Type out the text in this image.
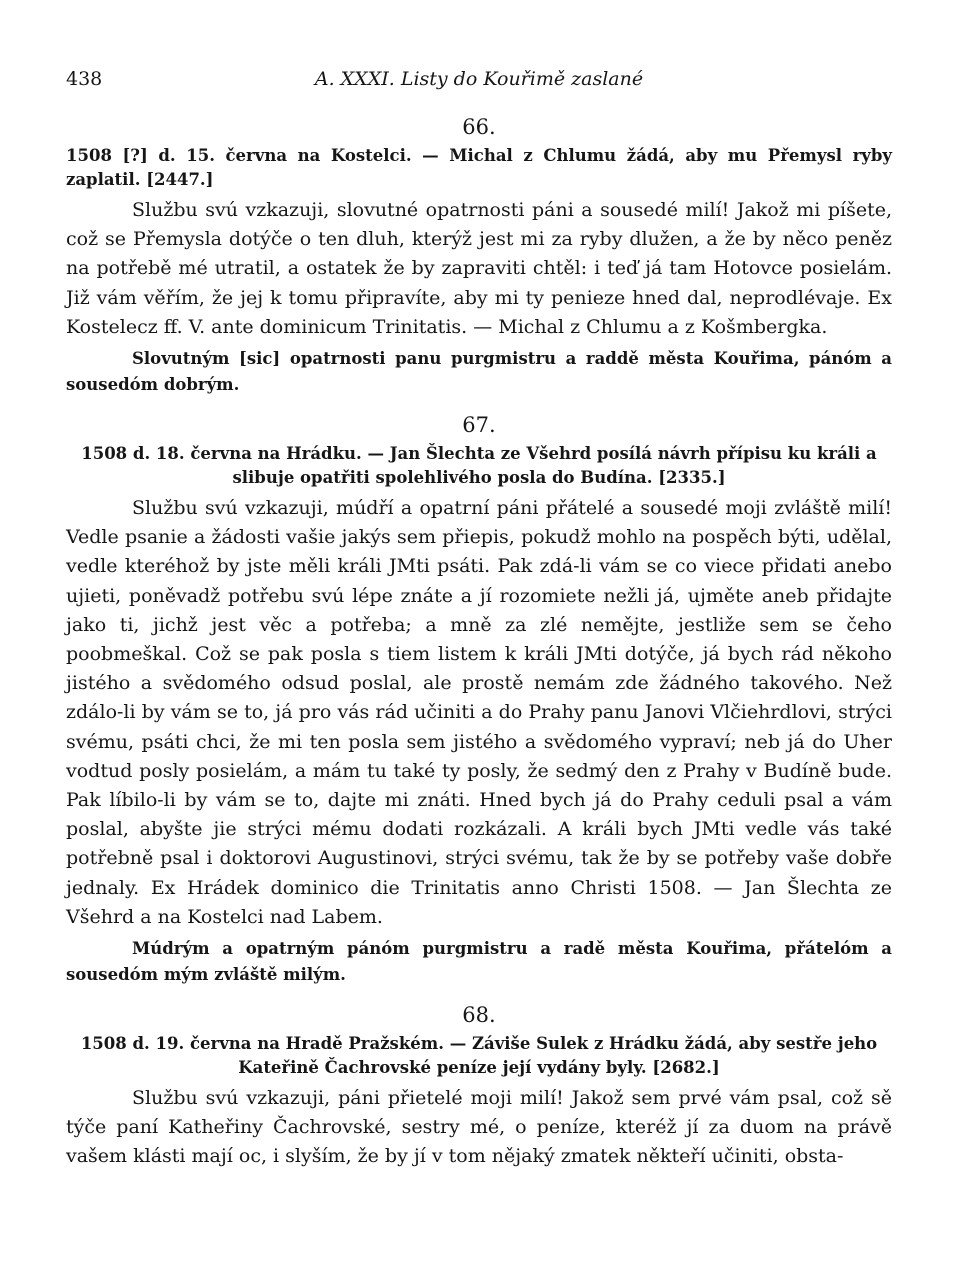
438	A. XXXI. Listy do Kouřimě zaslané
66.

1508 [?] d. 15. června na Kostelci. — Michal z Chlumu žádá, aby mu Přemysl ryby zaplatil. [2447.]

Službu svú vzkazuji, slovutné opatrnosti páni a sousedé milí! Jakož mi píšete, což se Přemysla dotýče o ten dluh, kterýž jest mi za ryby dlužen, a že by něco peněz na potřebě mé utratil, a ostatek že by zapraviti chtěl: i teď já tam Hotovce posielám. Již vám věřím, že jej k tomu připravíte, aby mi ty penieze hned dal, neprodlévaje. Ex Kostelecz ff. V. ante dominicum Trinitatis. — Michal z Chlumu a z Košmbergka.

Slovutným [sic] opatrnosti panu purgmistru a raddě města Kouřima, pánóm a sousedóm dobrým.

67.

1508 d. 18. června na Hrádku. — Jan Šlechta ze Všehrd posílá návrh přípisu ku králi a slibuje opatřiti spolehlivého posla do Budína. [2335.]

Službu svú vzkazuji, múdří a opatrní páni přátelé a sousedé moji zvláště milí! Vedle psanie a žádosti vašie jakýs sem přiepis, pokudž mohlo na pospěch býti, udělal, vedle kteréhož by jste měli králi JMti psáti. Pak zdá-li vám se co viece přidati anebo ujieti, poněvadž potřebu svú lépe znáte a jí rozomiete nežli já, ujměte aneb přidajte jako ti, jichž jest věc a potřeba; a mně za zlé nemějte, jestliže sem se čeho poobmeškal. Což se pak posla s tiem listem k králi JMti dotýče, já bych rád někoho jistého a svědomého odsud poslal, ale prostě nemám zde žádného takového. Než zdálo-li by vám se to, já pro vás rád učiniti a do Prahy panu Janovi Vlčiehrdlovi, strýci svému, psáti chci, že mi ten posla sem jistého a svědomého vypraví; neb já do Uher vodtud posly posielám, a mám tu také ty posly, že sedmý den z Prahy v Budíně bude. Pak líbilo-li by vám se to, dajte mi znáti. Hned bych já do Prahy ceduli psal a vám poslal, abyšte jie strýci mému dodati rozkázali. A králi bych JMti vedle vás také potřebně psal i doktorovi Augustinovi, strýci svému, tak že by se potřeby vaše dobře jednaly. Ex Hrádek dominico die Trinitatis anno Christi 1508. — Jan Šlechta ze Všehrd a na Kostelci nad Labem.

Múdrým a opatrným pánóm purgmistru a radě města Kouřima, přátelóm a sousedóm mým zvláště milým.

68.

1508 d. 19. června na Hradě Pražském. — Záviše Sulek z Hrádku žádá, aby sestře jeho Kateřině Čachrovské peníze její vydány byly. [2682.]

Službu svú vzkazuji, páni přietelé moji milí! Jakož sem prvé vám psal, což sě týče paní Katheřiny Čachrovské, sestry mé, o peníze, kteréž jí za duom na právě vašem klásti mají oc, i slyším, že by jí v tom nějaký zmatek někteří učiniti, obsta-
